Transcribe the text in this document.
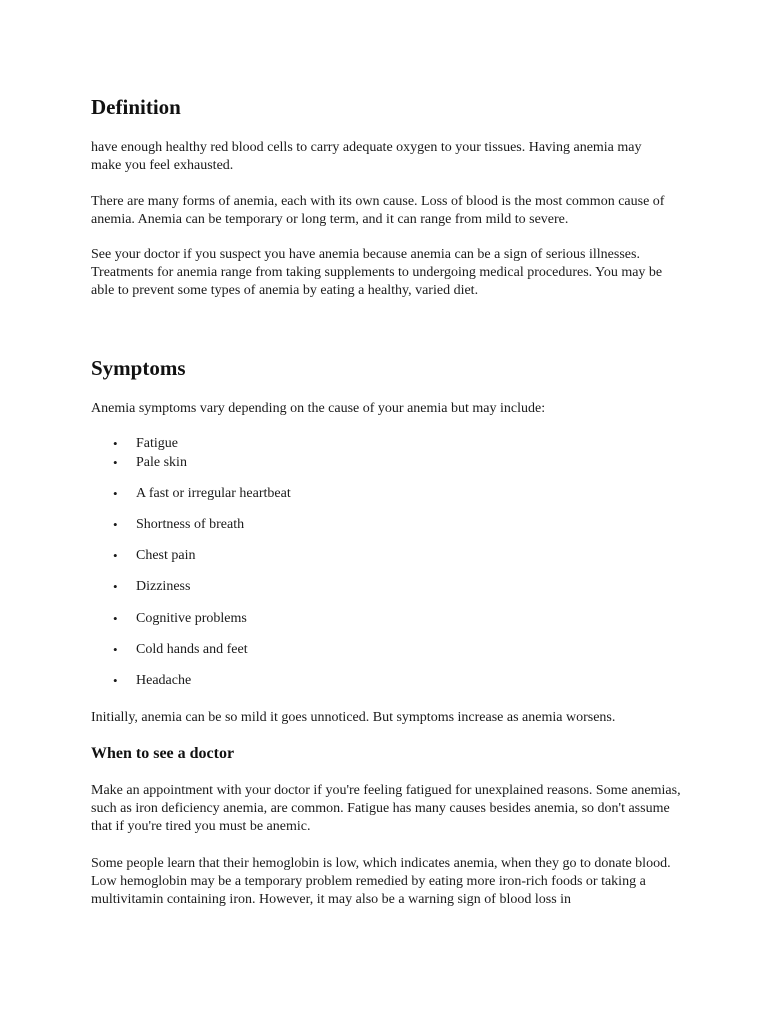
Definition

have enough healthy red blood cells to carry adequate oxygen to your tissues. Having anemia may make you feel exhausted.

There are many forms of anemia, each with its own cause. Loss of blood is the most common cause of anemia. Anemia can be temporary or long term, and it can range from mild to severe.

See your doctor if you suspect you have anemia because anemia can be a sign of serious illnesses. Treatments for anemia range from taking supplements to undergoing medical procedures. You may be able to prevent some types of anemia by eating a healthy, varied diet.

Symptoms

Anemia symptoms vary depending on the cause of your anemia but may include:

• Fatigue
• Pale skin
• A fast or irregular heartbeat
• Shortness of breath
• Chest pain
• Dizziness
• Cognitive problems
• Cold hands and feet
• Headache

Initially, anemia can be so mild it goes unnoticed. But symptoms increase as anemia worsens.

When to see a doctor

Make an appointment with your doctor if you're feeling fatigued for unexplained reasons. Some anemias, such as iron deficiency anemia, are common. Fatigue has many causes besides anemia, so don't assume that if you're tired you must be anemic.

Some people learn that their hemoglobin is low, which indicates anemia, when they go to donate blood. Low hemoglobin may be a temporary problem remedied by eating more iron-rich foods or taking a multivitamin containing iron. However, it may also be a warning sign of blood loss in
